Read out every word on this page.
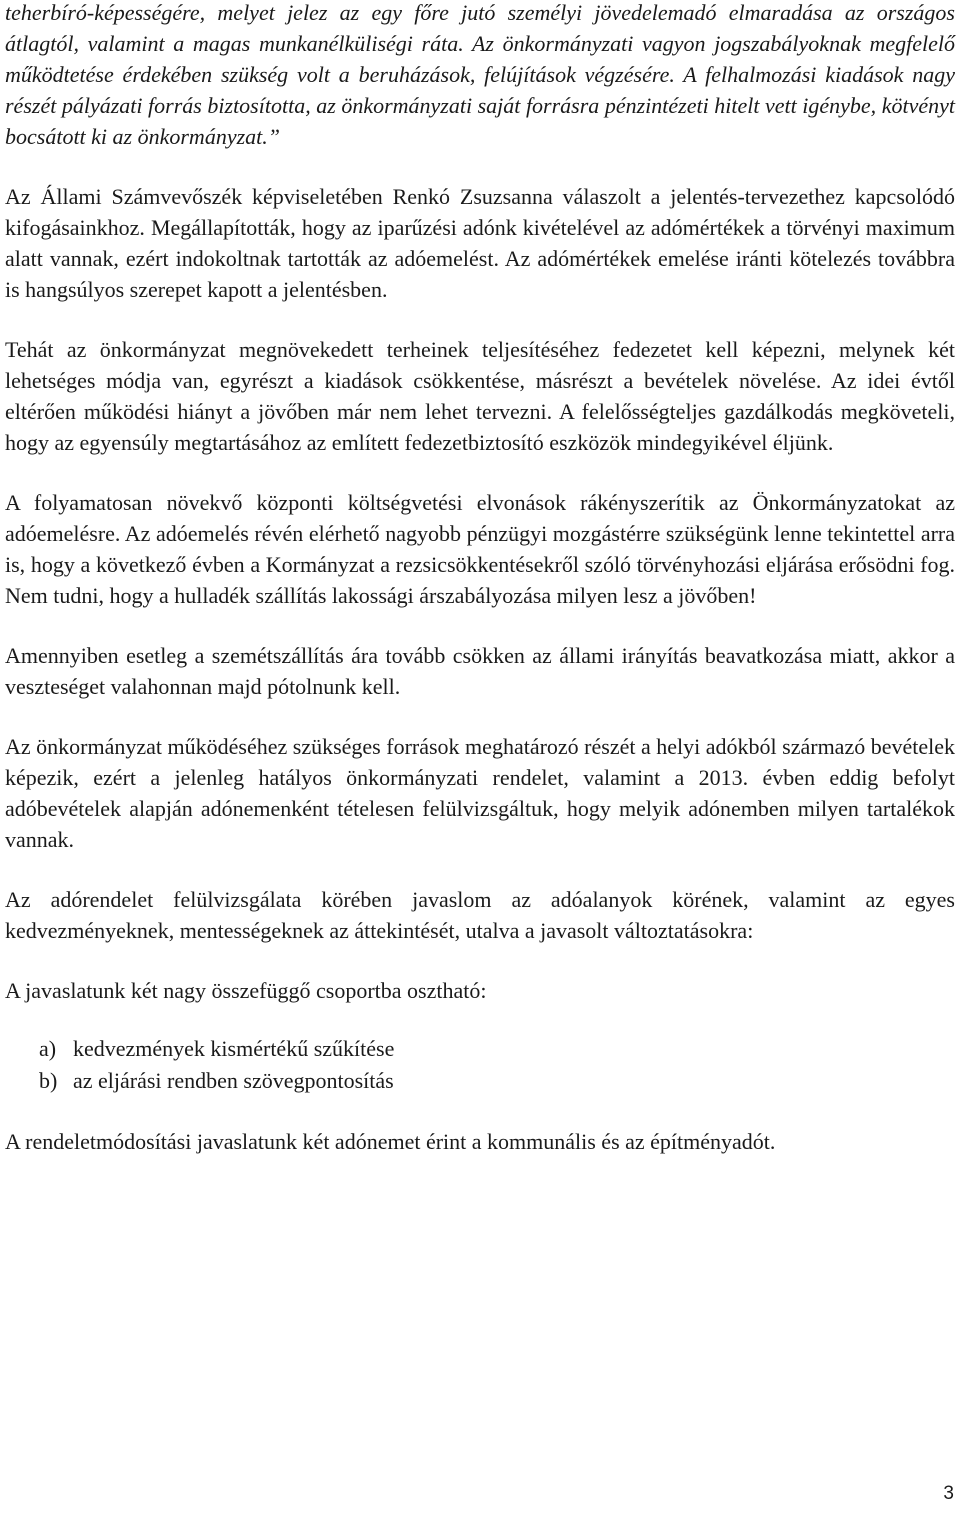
teherbíró-képességére, melyet jelez az egy főre jutó személyi jövedelemadó elmaradása az országos átlagtól, valamint a magas munkanélküliségi ráta. Az önkormányzati vagyon jogszabályoknak megfelelő működtetése érdekében szükség volt a beruházások, felújítások végzésére. A felhalmozási kiadások nagy részét pályázati forrás biztosította, az önkormányzati saját forrásra pénzintézeti hitelt vett igénybe, kötvényt bocsátott ki az önkormányzat.”

Az Állami Számvevőszék képviseletében Renkó Zsuzsanna válaszolt a jelentés-tervezethez kapcsolódó kifogásainkhoz. Megállapították, hogy az iparűzési adónk kivételével az adómértékek a törvényi maximum alatt vannak, ezért indokoltnak tartották az adóemelést. Az adómértékek emelése iránti kötelezés továbbra is hangsúlyos szerepet kapott a jelentésben.

Tehát az önkormányzat megnövekedett terheinek teljesítéséhez fedezetet kell képezni, melynek két lehetséges módja van, egyrészt a kiadások csökkentése, másrészt a bevételek növelése. Az idei évtől eltérően működési hiányt a jövőben már nem lehet tervezni. A felelősségteljes gazdálkodás megköveteli, hogy az egyensúly megtartásához az említett fedezetbiztosító eszközök mindegyikével éljünk.

A folyamatosan növekvő központi költségvetési elvonások rákényszerítik az Önkormányzatokat az adóemelésre. Az adóemelés révén elérhető nagyobb pénzügyi mozgástérre szükségünk lenne tekintettel arra is, hogy a következő évben a Kormányzat a rezsicsökkentésekről szóló törvényhozási eljárása erősödni fog. Nem tudni, hogy a hulladék szállítás lakossági árszabályozása milyen lesz a jövőben!

Amennyiben esetleg a szemétszállítás ára tovább csökken az állami irányítás beavatkozása miatt, akkor a veszteséget valahonnan majd pótolnunk kell.

Az önkormányzat működéséhez szükséges források meghatározó részét a helyi adókból származó bevételek képezik, ezért a jelenleg hatályos önkormányzati rendelet, valamint a 2013. évben eddig befolyt adóbevételek alapján adónemenként tételesen felülvizsgáltuk, hogy melyik adónemben milyen tartalékok vannak.

Az adórendelet felülvizsgálata körében javaslom az adóalanyok körének, valamint az egyes kedvezményeknek, mentességeknek az áttekintését, utalva a javasolt változtatásokra:

A javaslatunk két nagy összefüggő csoportba osztható:

a) kedvezmények kismértékű szűkítése
b) az eljárási rendben szövegpontosítás

A rendeletmódosítási javaslatunk két adónemet érint a kommunális és az építményadót.

3
